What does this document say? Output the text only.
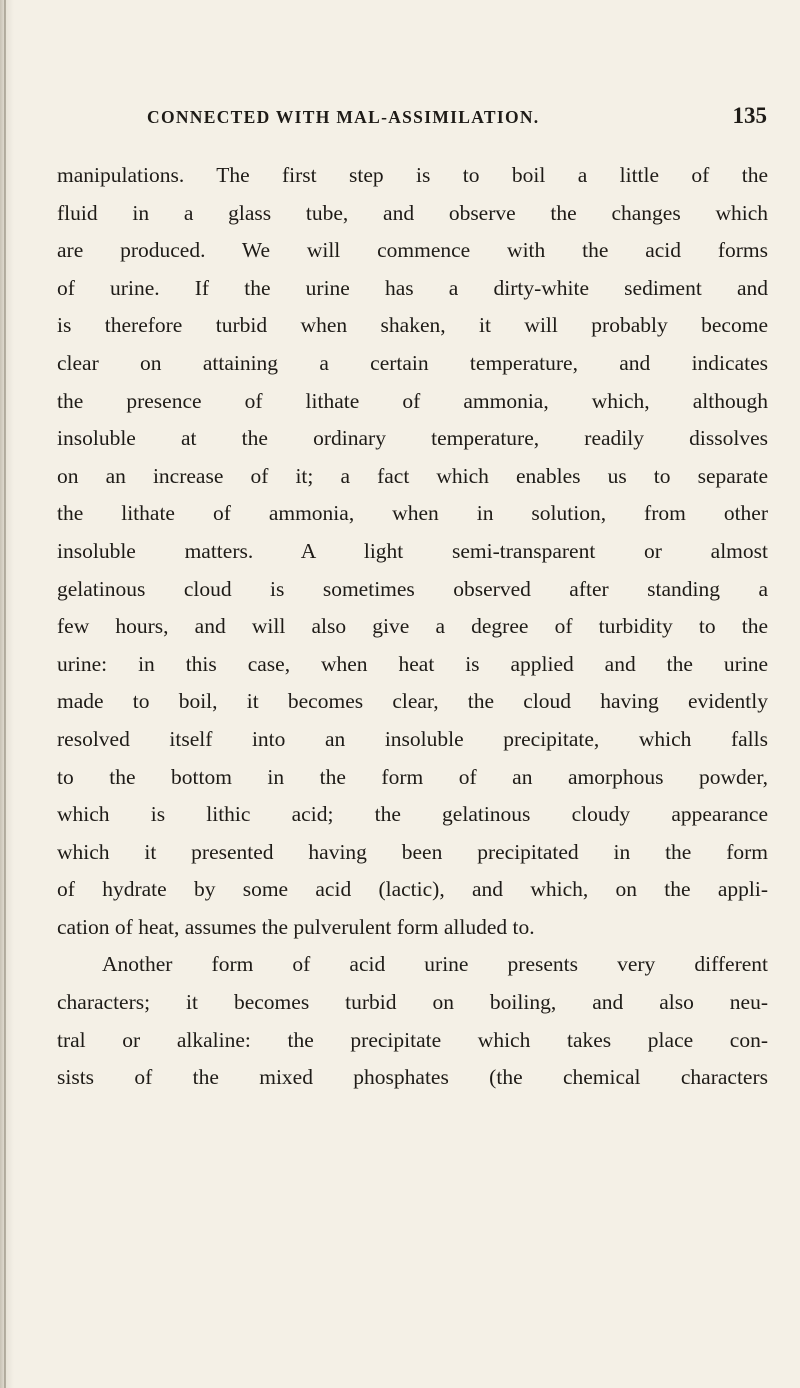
CONNECTED WITH MAL-ASSIMILATION.	135
manipulations. The first step is to boil a little of the
fluid in a glass tube, and observe the changes which
are produced. We will commence with the acid forms
of urine. If the urine has a dirty-white sediment and
is therefore turbid when shaken, it will probably become
clear on attaining a certain temperature, and indicates
the presence of lithate of ammonia, which, although
insoluble at the ordinary temperature, readily dissolves
on an increase of it; a fact which enables us to separate
the lithate of ammonia, when in solution, from other
insoluble matters. A light semi-transparent or almost
gelatinous cloud is sometimes observed after standing a
few hours, and will also give a degree of turbidity to the
urine: in this case, when heat is applied and the urine
made to boil, it becomes clear, the cloud having evidently
resolved itself into an insoluble precipitate, which falls
to the bottom in the form of an amorphous powder,
which is lithic acid; the gelatinous cloudy appearance
which it presented having been precipitated in the form
of hydrate by some acid (lactic), and which, on the appli-
cation of heat, assumes the pulverulent form alluded to.
Another form of acid urine presents very different
characters; it becomes turbid on boiling, and also neu-
tral or alkaline: the precipitate which takes place con-
sists of the mixed phosphates (the chemical characters
